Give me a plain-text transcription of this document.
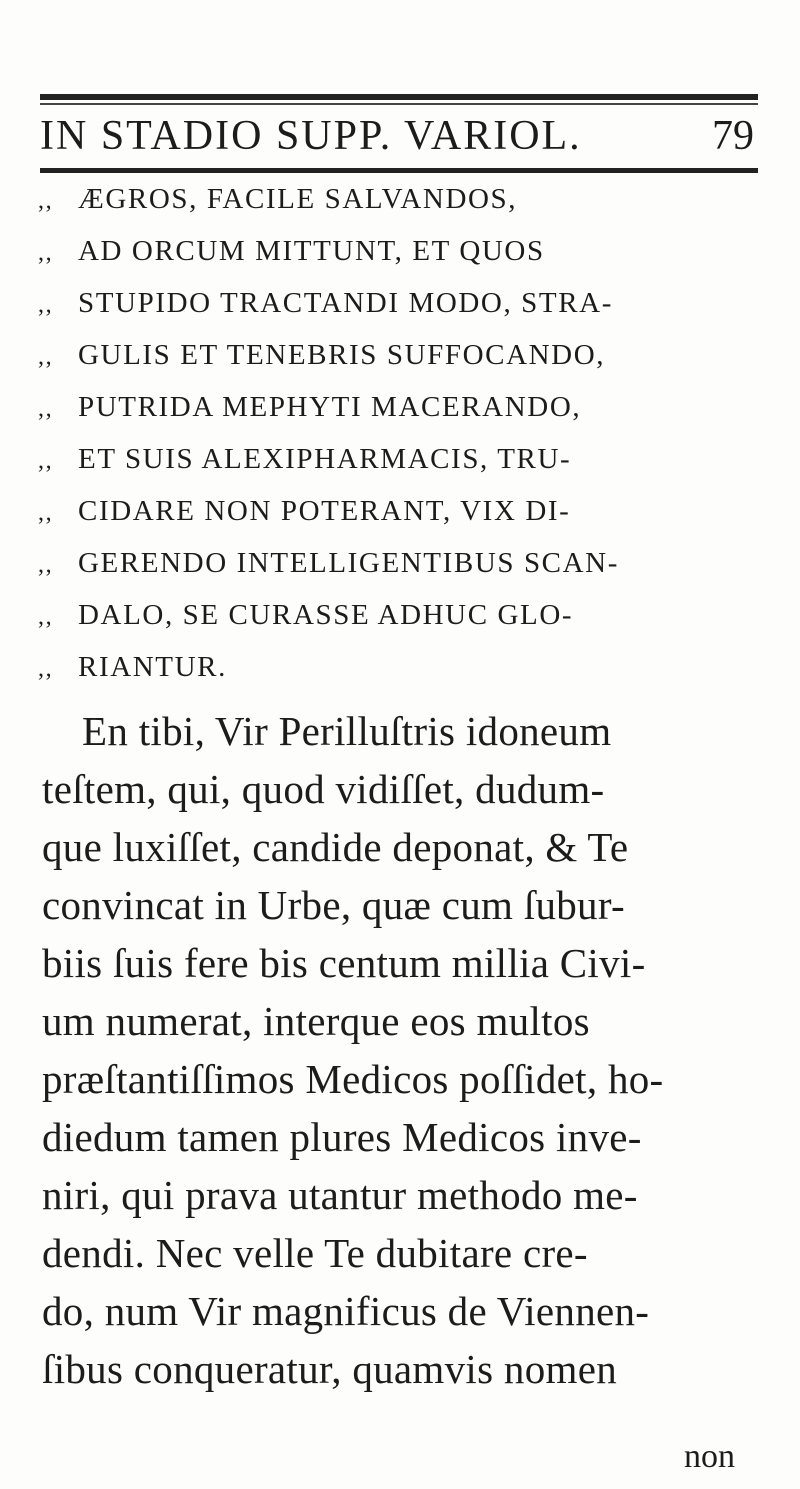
IN STADIO SUPP. VARIOL.	79
,, ÆGROS, FACILE SALVANDOS,
,, AD ORCUM MITTUNT, ET QUOS
,, STUPIDO TRACTANDI MODO, STRA-
,, GULIS ET TENEBRIS SUFFOCANDO,
,, PUTRIDA MEPHYTI MACERANDO,
,, ET SUIS ALEXIPHARMACIS, TRU-
,, CIDARE NON POTERANT, VIX DI-
,, GERENDO INTELLIGENTIBUS SCAN-
,, DALO, SE CURASSE ADHUC GLO-
,, RIANTUR.
En tibi, Vir Perilluſtris idoneum
teſtem, qui, quod vidiſſet, dudum-
que luxiſſet, candide deponat, & Te
convincat in Urbe, quæ cum ſubur-
biis ſuis fere bis centum millia Civi-
um numerat, interque eos multos
præſtantiſſimos Medicos poſſidet, ho-
diedum tamen plures Medicos inve-
niri, qui prava utantur methodo me-
dendi. Nec velle Te dubitare cre-
do, num Vir magnificus de Viennen-
ſibus conqueratur, quamvis nomen
non
